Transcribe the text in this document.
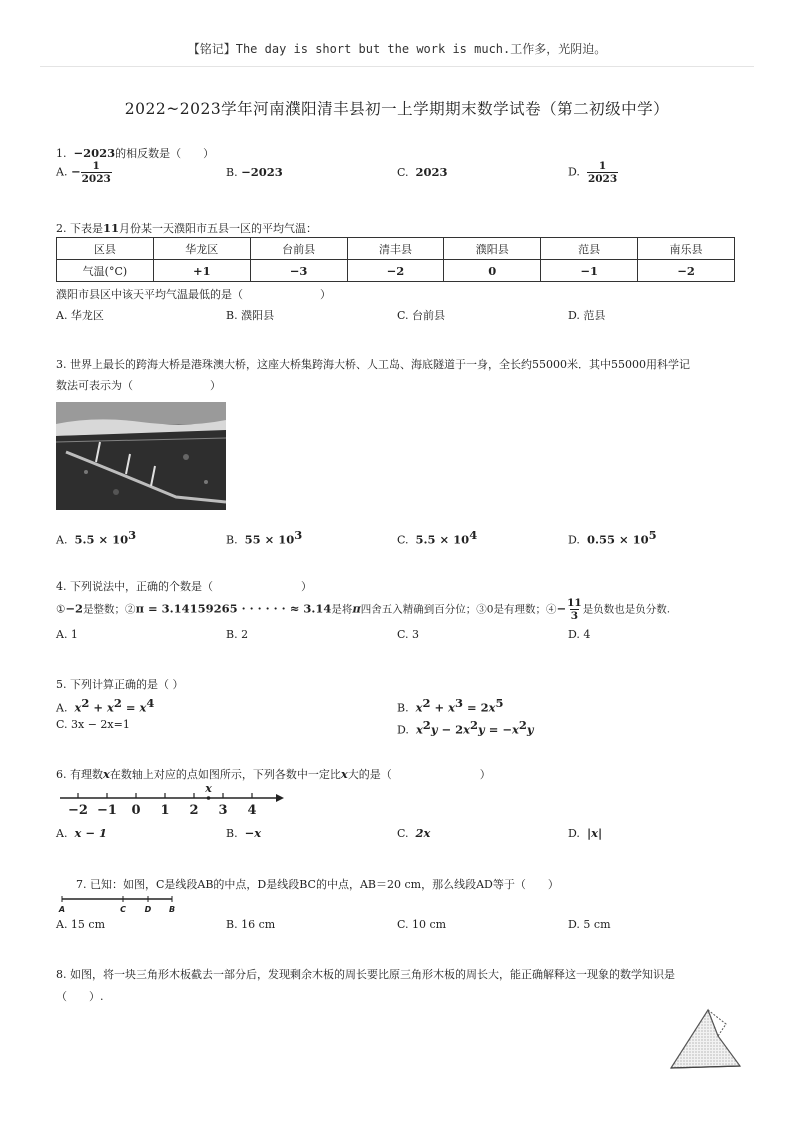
【铭记】The day is short but the work is much.工作多，光阴迫。
2022~2023学年河南濮阳清丰县初一上学期期末数学试卷（第二初级中学）
1. −2023的相反数是（　　）
A. − $\frac{1}{2023}$	B. −2023	C. 2023	D. $\frac{1}{2023}$
2. 下表是11月份某一天濮阳市五县一区的平均气温：
区县	华龙区	台前县	清丰县	濮阳县	范县	南乐县
气温(°C)	+1	−3	−2	0	−1	−2
濮阳市县区中该天平均气温最低的是（　　　　　　　）
A. 华龙区	B. 濮阳县	C. 台前县	D. 范县
3. 世界上最长的跨海大桥是港珠澳大桥，这座大桥集跨海大桥、人工岛、海底隧道于一身，全长约55000米．其中55000用科学记
数法可表示为（　　　　　　　）
A. $5.5 \times 10^3$	B. $55 \times 10^3$	C. $5.5 \times 10^4$	D. $0.55 \times 10^5$
4. 下列说法中，正确的个数是（　　　　　　　　）
①−2是整数；②π = 3.14159265 · · · · · · ≈ 3.14是将π四舍五入精确到百分位；③0是有理数；④− $\frac{11}{3}$ 是负数也是负分数.
A. 1	B. 2	C. 3	D. 4
5. 下列计算正确的是（ ）
A. $x^2 + x^2 = x^4$	B. $x^2 + x^3 = 2x^5$
C. 3x − 2x=1	D. $x^2y - 2x^2y = -x^2y$
6. 有理数x在数轴上对应的点如图所示，下列各数中一定比x大的是（　　　　　　　　）
−2 −1 0 1 2 3 4
x
A. x − 1	B. −x	C. 2x	D. |x|
7. 已知：如图，C是线段AB的中点，D是线段BC的中点，AB＝20 cm，那么线段AD等于（　　）
A	C D B
A. 15 cm	B. 16 cm	C. 10 cm	D. 5 cm
8. 如图，将一块三角形木板截去一部分后，发现剩余木板的周长要比原三角形木板的周长大，能正确解释这一现象的数学知识是
（　　）.
